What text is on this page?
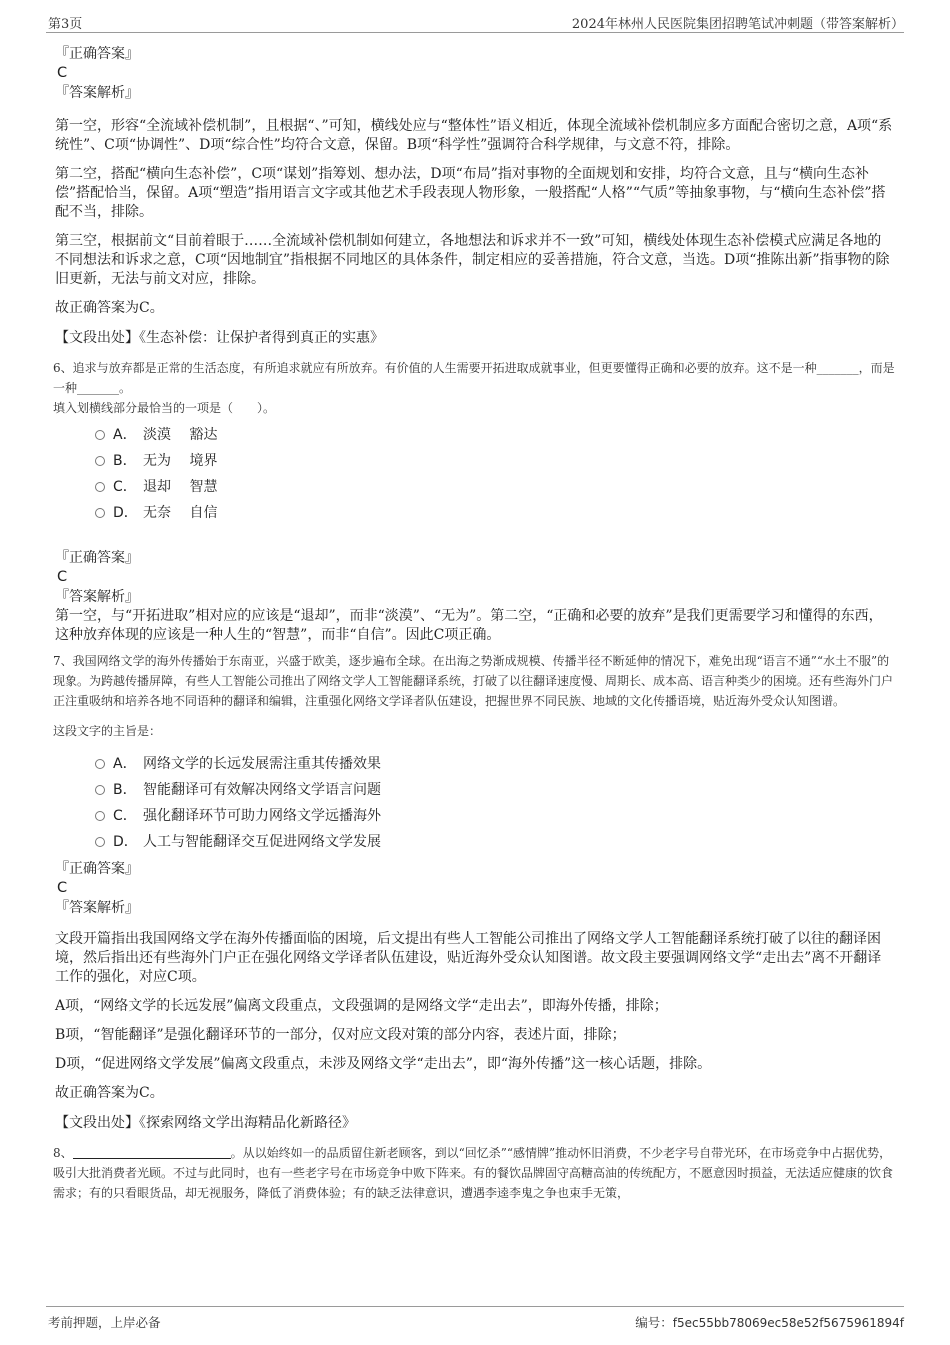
第3页	2024年林州人民医院集团招聘笔试冲刺题（带答案解析）

『正确答案』

C

『答案解析』

第一空，形容“全流域补偿机制”，且根据“、”可知，横线处应与“整体性”语义相近，体现全流域补偿机制应多方面配合密切之意，A项“系统性”、C项“协调性”、D项“综合性”均符合文意，保留。B项“科学性”强调符合科学规律，与文意不符，排除。

第二空，搭配“横向生态补偿”，C项“谋划”指筹划、想办法，D项“布局”指对事物的全面规划和安排，均符合文意，且与“横向生态补偿”搭配恰当，保留。A项“塑造”指用语言文字或其他艺术手段表现人物形象，一般搭配“人格”“气质”等抽象事物，与“横向生态补偿”搭配不当，排除。

第三空，根据前文“目前着眼于……全流域补偿机制如何建立，各地想法和诉求并不一致”可知，横线处体现生态补偿模式应满足各地的不同想法和诉求之意，C项“因地制宜”指根据不同地区的具体条件，制定相应的妥善措施，符合文意，当选。D项“推陈出新”指事物的除旧更新，无法与前文对应，排除。

故正确答案为C。

【文段出处】《生态补偿：让保护者得到真正的实惠》

6、追求与放弃都是正常的生活态度，有所追求就应有所放弃。有价值的人生需要开拓进取成就事业，但更要懂得正确和必要的放弃。这不是一种_______，而是一种_______。

填入划横线部分最恰当的一项是（　　）。

A． 淡漠　 豁达

B． 无为　 境界

C． 退却　 智慧

D． 无奈　 自信

『正确答案』

C

『答案解析』

第一空，与“开拓进取”相对应的应该是“退却”，而非“淡漠”、“无为”。第二空，“正确和必要的放弃”是我们更需要学习和懂得的东西，这种放弃体现的应该是一种人生的“智慧”，而非“自信”。因此C项正确。

7、我国网络文学的海外传播始于东南亚，兴盛于欧美，逐步遍布全球。在出海之势渐成规模、传播半径不断延伸的情况下，难免出现“语言不通”“水土不服”的现象。为跨越传播屏障，有些人工智能公司推出了网络文学人工智能翻译系统，打破了以往翻译速度慢、周期长、成本高、语言种类少的困境。还有些海外门户正注重吸纳和培养各地不同语种的翻译和编辑，注重强化网络文学译者队伍建设，把握世界不同民族、地域的文化传播语境，贴近海外受众认知图谱。

这段文字的主旨是：

A． 网络文学的长远发展需注重其传播效果

B． 智能翻译可有效解决网络文学语言问题

C． 强化翻译环节可助力网络文学远播海外

D． 人工与智能翻译交互促进网络文学发展

『正确答案』

C

『答案解析』

文段开篇指出我国网络文学在海外传播面临的困境，后文提出有些人工智能公司推出了网络文学人工智能翻译系统打破了以往的翻译困境，然后指出还有些海外门户正在强化网络文学译者队伍建设，贴近海外受众认知图谱。故文段主要强调网络文学“走出去”离不开翻译工作的强化，对应C项。

A项，“网络文学的长远发展”偏离文段重点，文段强调的是网络文学“走出去”，即海外传播，排除；

B项，“智能翻译”是强化翻译环节的一部分，仅对应文段对策的部分内容，表述片面，排除；

D项，“促进网络文学发展”偏离文段重点，未涉及网络文学“走出去”，即“海外传播”这一核心话题，排除。

故正确答案为C。

【文段出处】《探索网络文学出海精品化新路径》

8、	。从以始终如一的品质留住新老顾客，到以“回忆杀”“感情牌”推动怀旧消费，不少老字号自带光环，在市场竞争中占据优势，吸引大批消费者光顾。不过与此同时，也有一些老字号在市场竞争中败下阵来。有的餐饮品牌固守高糖高油的传统配方，不愿意因时损益，无法适应健康的饮食需求；有的只看眼货品，却无视服务，降低了消费体验；有的缺乏法律意识，遭遇李逵李鬼之争也束手无策，

考前押题，上岸必备	编号：f5ec55bb78069ec58e52f5675961894f
